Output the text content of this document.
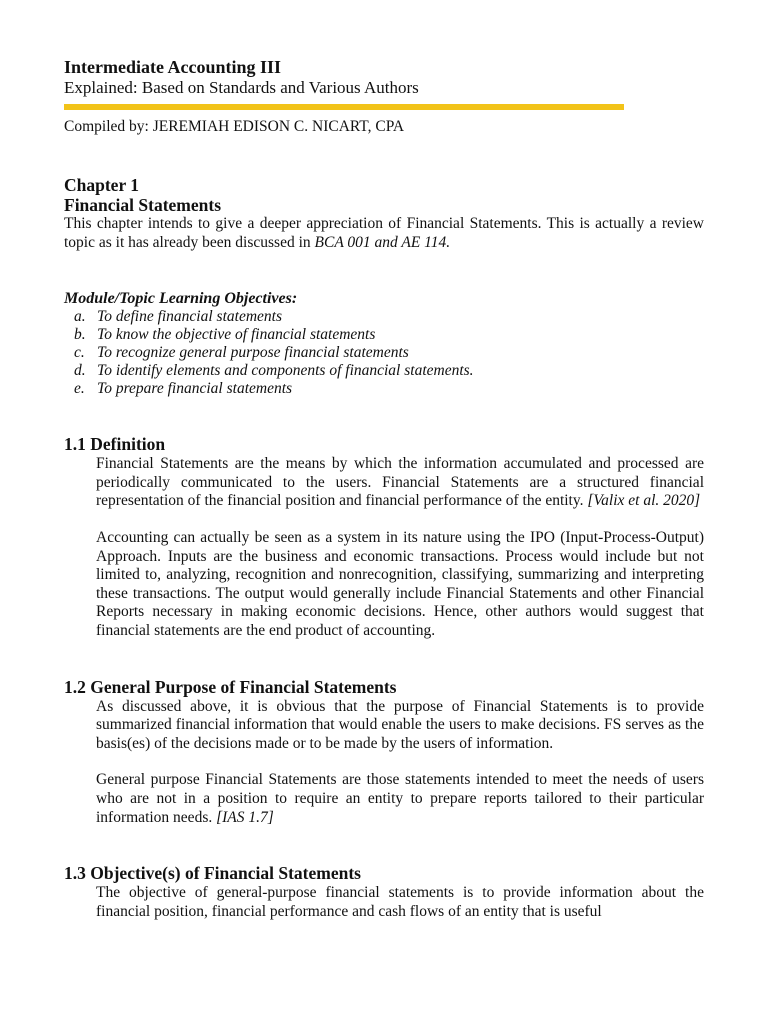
Intermediate Accounting III
Explained: Based on Standards and Various Authors
Compiled by: JEREMIAH EDISON C. NICART, CPA
Chapter 1
Financial Statements

This chapter intends to give a deeper appreciation of Financial Statements. This is actually a review topic as it has already been discussed in BCA 001 and AE 114.

Module/Topic Learning Objectives:
a. To define financial statements
b. To know the objective of financial statements
c. To recognize general purpose financial statements
d. To identify elements and components of financial statements.
e. To prepare financial statements
1.1 Definition

Financial Statements are the means by which the information accumulated and processed are periodically communicated to the users. Financial Statements are a structured financial representation of the financial position and financial performance of the entity. [Valix et al. 2020]

Accounting can actually be seen as a system in its nature using the IPO (Input-Process-Output) Approach. Inputs are the business and economic transactions. Process would include but not limited to, analyzing, recognition and nonrecognition, classifying, summarizing and interpreting these transactions. The output would generally include Financial Statements and other Financial Reports necessary in making economic decisions. Hence, other authors would suggest that financial statements are the end product of accounting.

1.2 General Purpose of Financial Statements

As discussed above, it is obvious that the purpose of Financial Statements is to provide summarized financial information that would enable the users to make decisions. FS serves as the basis(es) of the decisions made or to be made by the users of information.

General purpose Financial Statements are those statements intended to meet the needs of users who are not in a position to require an entity to prepare reports tailored to their particular information needs. [IAS 1.7]

1.3 Objective(s) of Financial Statements

The objective of general-purpose financial statements is to provide information about the financial position, financial performance and cash flows of an entity that is useful
